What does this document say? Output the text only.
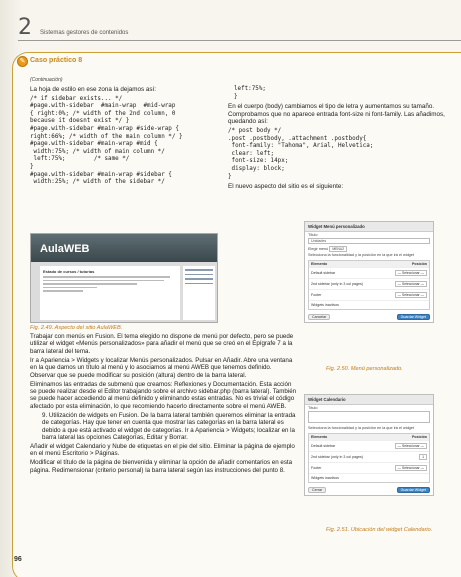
2 Sistemas gestores de contenidos
✎ Caso práctico 8
(Continuación)

La hoja de estilo en ese zona la dejamos así:

/* if sidebar exists... */
#page.with-sidebar  #main-wrap  #mid-wrap
{ right:0%; /* width of the 2nd column, 0
because it doesnt exist */ }
#page.with-sidebar #main-wrap #side-wrap {
right:66%; /* width of the main column */ }
#page.with-sidebar #main-wrap #mid {
width:75%; /* width of main column */
left:75%;        /* same */
}
#page.with-sidebar #main-wrap #sidebar {
width:25%; /* width of the sidebar */
left:75%;
}

En el cuerpo (body) cambiamos el tipo de letra y aumentamos su tamaño. Comprobamos que no aparece entrada font-size ni font-family. Las añadimos, quedando así:

/* post body */
.post .postbody, .attachment .postbody{
font-family: "Tahoma", Arial, Helvetica;
clear: left;
font-size: 14px;
display: block;
}

El nuevo aspecto del sitio es el siguiente:

AulaWEB
Estado de cursos / tutorías
Fig. 2.49. Aspecto del sitio AulaWEB.

Trabajar con menús en Fusion. El tema elegido no dispone de menú por defecto, pero se puede utilizar el widget «Menús personalizados» para añadir el menú que se creó en el Epígrafe 7 a la barra lateral del tema.

Ir a Apariencia > Widgets y localizar Menús personalizados. Pulsar en Añadir. Abre una ventana en la que damos un título al menú y lo asociamos al menú AWEB que tenemos definido. Observar que se puede modificar su posición (altura) dentro de la barra lateral.

Eliminamos las entradas de submenú que creamos: Reflexiones y Documentación. Esta acción se puede realizar desde el Editor trabajando sobre el archivo sidebar.php (barra lateral). También se puede hacer accediendo al menú definido y eliminando estas entradas. No es trivial el código afectado por esta eliminación, lo que recomiendo hacerlo directamente sobre el menú AWEB.

9. Utilización de widgets en Fusion. De la barra lateral también queremos eliminar la entrada de categorías. Hay que tener en cuenta que mostrar las categorías en la barra lateral es debido a que está activado el widget de categorías. Ir a Apariencia > Widgets; localizar en la barra lateral las opciones Categorías, Editar y Borrar.

Añadir el widget Calendario y Nube de etiquetas en el pie del sitio. Eliminar la página de ejemplo en el menú Escritorio > Páginas.

Modificar el título de la página de bienvenida y eliminar la opción de añadir comentarios en esta página. Redimensionar (criterio personal) la barra lateral según las instrucciones del punto 8.

Widget Menú personalizado
Título
Unidades
Elegir menú MENU2
Selecciona la funcionalidad y la posición en la que irá el widget
Elemento	Posición
Default sidebar	— Seleccionar —
2nd sidebar (only in 3 col pages)	— Seleccionar —
Footer	— Seleccionar —
Widgets inactivos
Cancelar	Guardar Widget
Fig. 2.50. Menú personalizado.
Widget Calendario
Título
Selecciona la funcionalidad y la posición en la que irá el widget
Elemento	Posición
Default sidebar	— Seleccionar —
2nd sidebar (only in 3 col pages)	1
Footer	— Seleccionar —
Widgets inactivos
Cerrar	Guardar Widget
Fig. 2.51. Ubicación del widget Calendario.
96
